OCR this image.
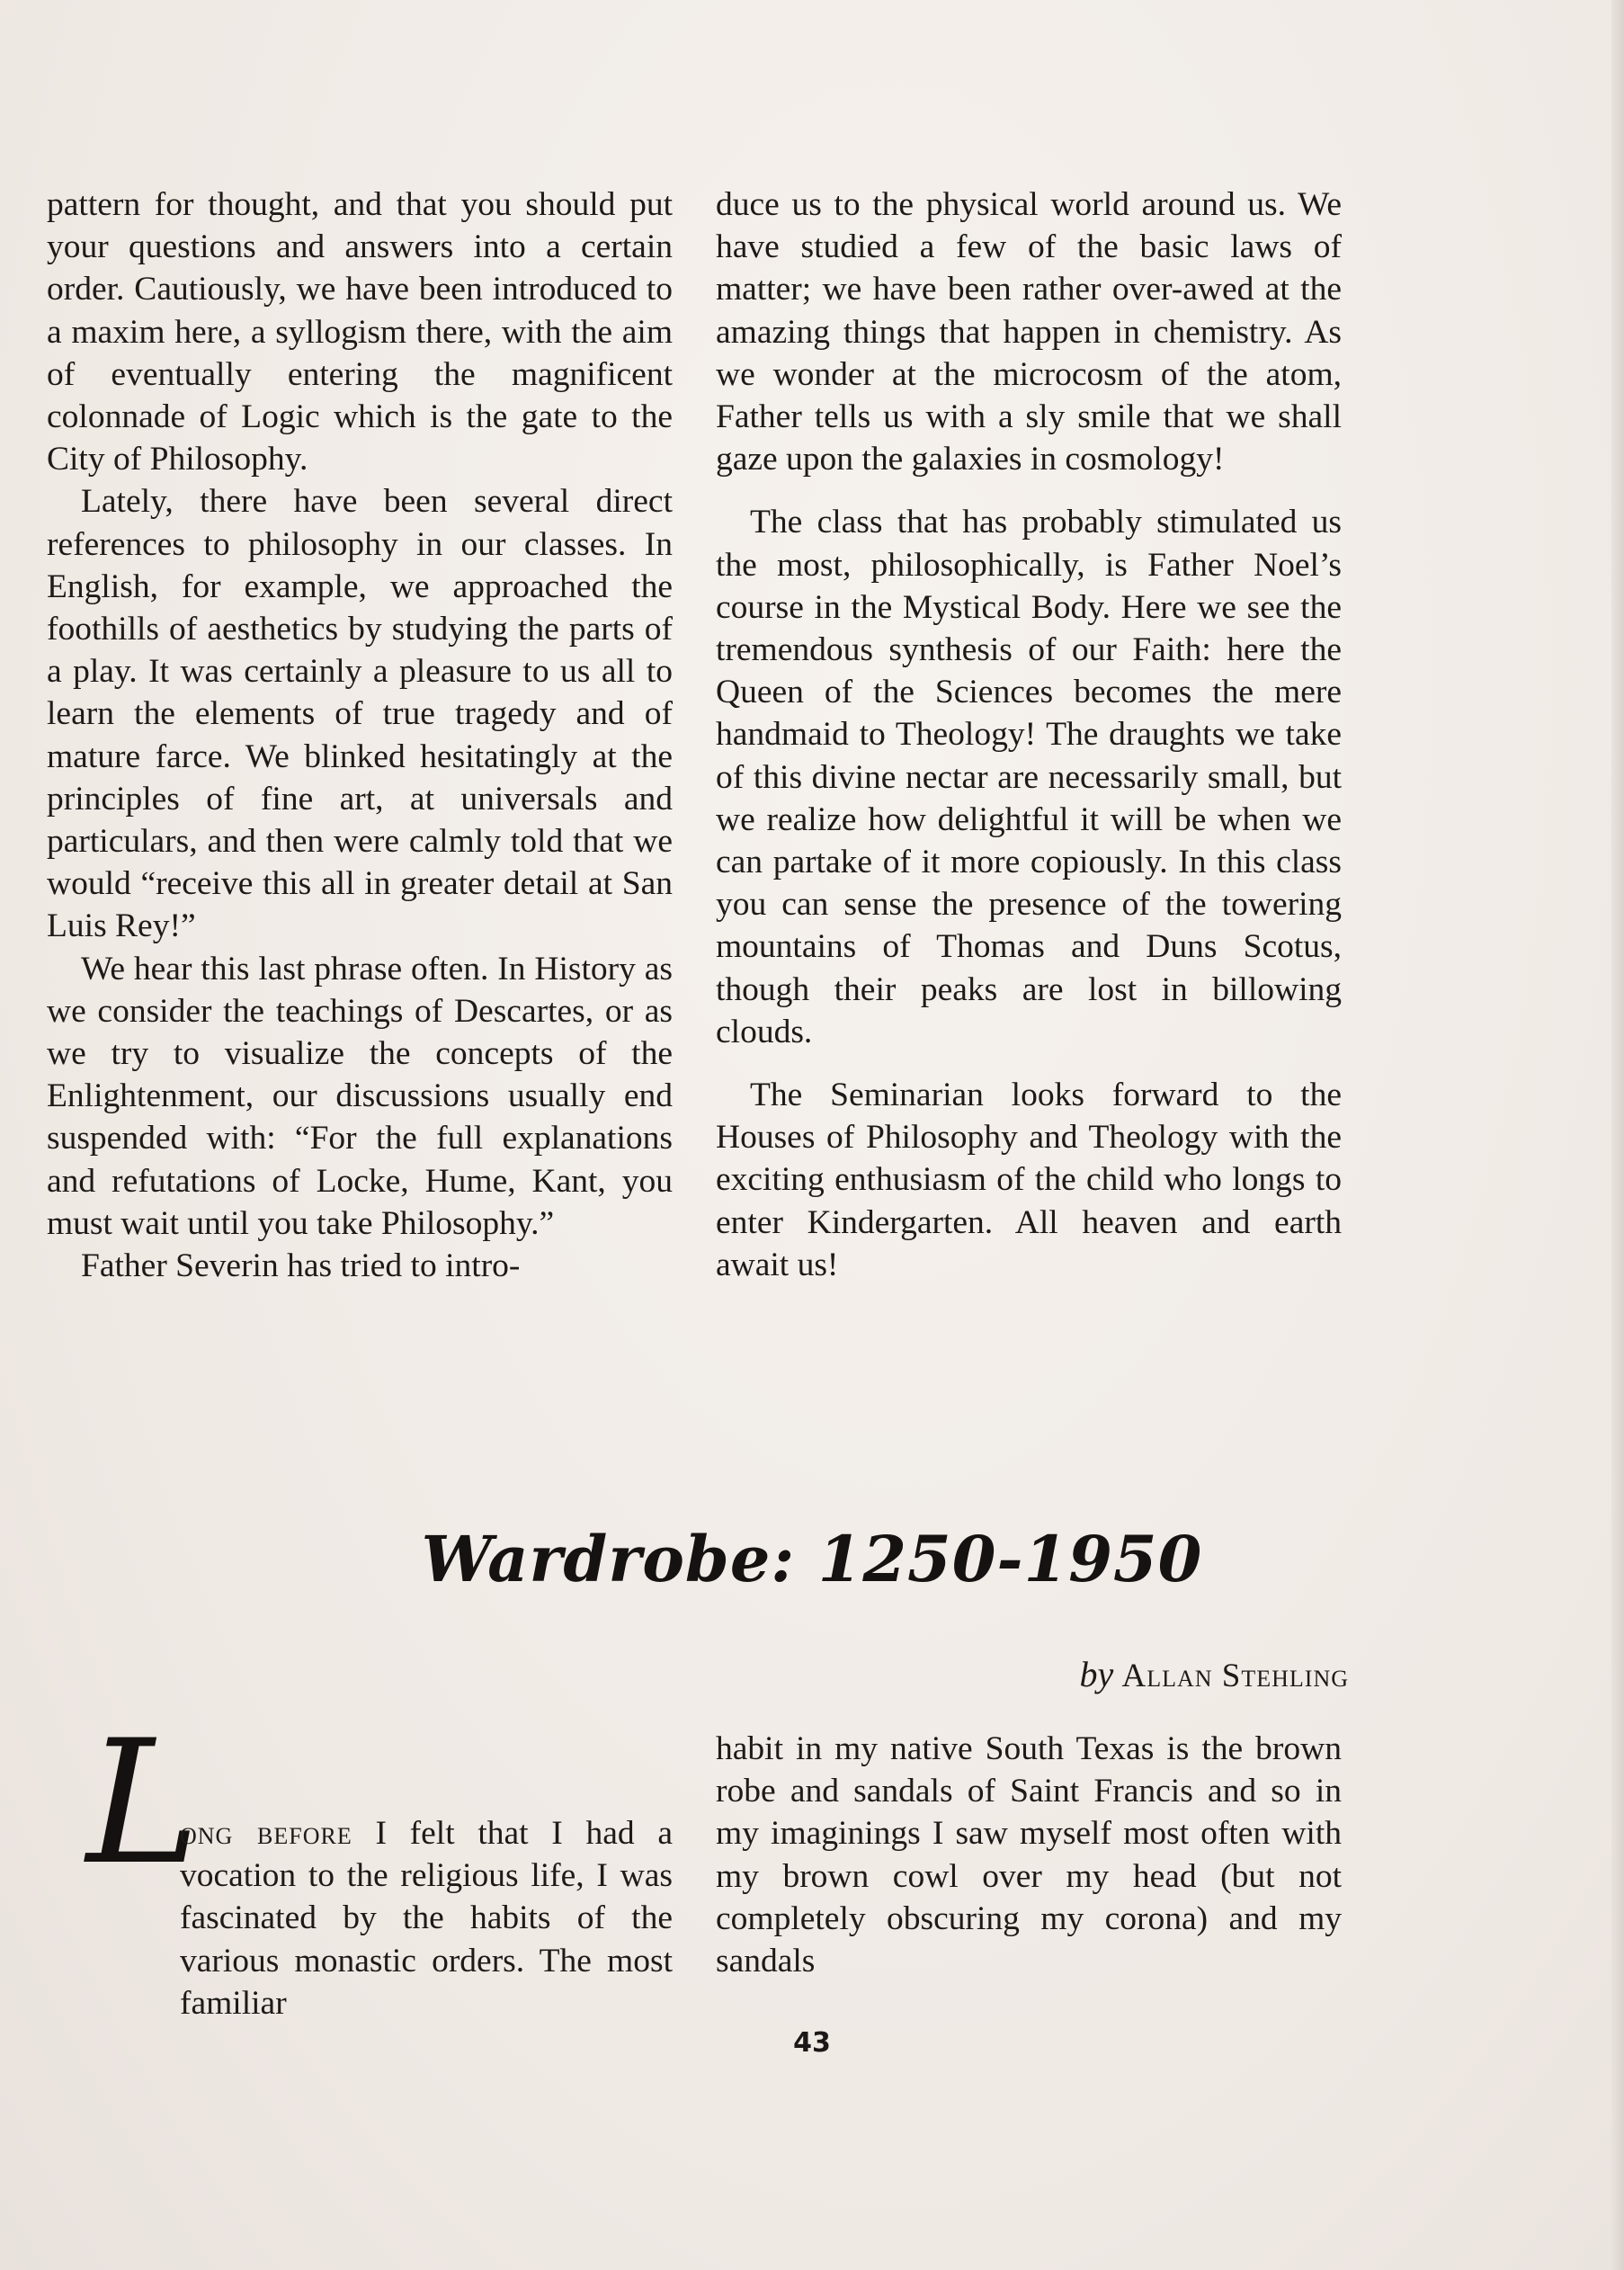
pattern for thought, and that you should put your questions and answers into a certain order. Cautiously, we have been introduced to a maxim here, a syllogism there, with the aim of eventually entering the magnificent colonnade of Logic which is the gate to the City of Philosophy.

Lately, there have been several direct references to philosophy in our classes. In English, for example, we approached the foothills of aesthetics by studying the parts of a play. It was certainly a pleasure to us all to learn the elements of true tragedy and of mature farce. We blinked hesitatingly at the principles of fine art, at universals and particulars, and then were calmly told that we would “receive this all in greater detail at San Luis Rey!”

We hear this last phrase often. In History as we consider the teachings of Descartes, or as we try to visualize the concepts of the Enlightenment, our discussions usually end suspended with: “For the full explanations and refutations of Locke, Hume, Kant, you must wait until you take Philosophy.”

Father Severin has tried to intro-

duce us to the physical world around us. We have studied a few of the basic laws of matter; we have been rather over-awed at the amazing things that happen in chemistry. As we wonder at the microcosm of the atom, Father tells us with a sly smile that we shall gaze upon the galaxies in cosmology!

The class that has probably stimulated us the most, philosophically, is Father Noel’s course in the Mystical Body. Here we see the tremendous synthesis of our Faith: here the Queen of the Sciences becomes the mere handmaid to Theology! The draughts we take of this divine nectar are necessarily small, but we realize how delightful it will be when we can partake of it more copiously. In this class you can sense the presence of the towering mountains of Thomas and Duns Scotus, though their peaks are lost in billowing clouds.

The Seminarian looks forward to the Houses of Philosophy and Theology with the exciting enthusiasm of the child who longs to enter Kindergarten. All heaven and earth await us!

Wardrobe: 1250-1950
by Allan Stehling
L

ong before I felt that I had a vocation to the religious life, I was fascinated by the habits of the various monastic orders. The most familiar

habit in my native South Texas is the brown robe and sandals of Saint Francis and so in my imaginings I saw myself most often with my brown cowl over my head (but not completely obscuring my corona) and my sandals

43
